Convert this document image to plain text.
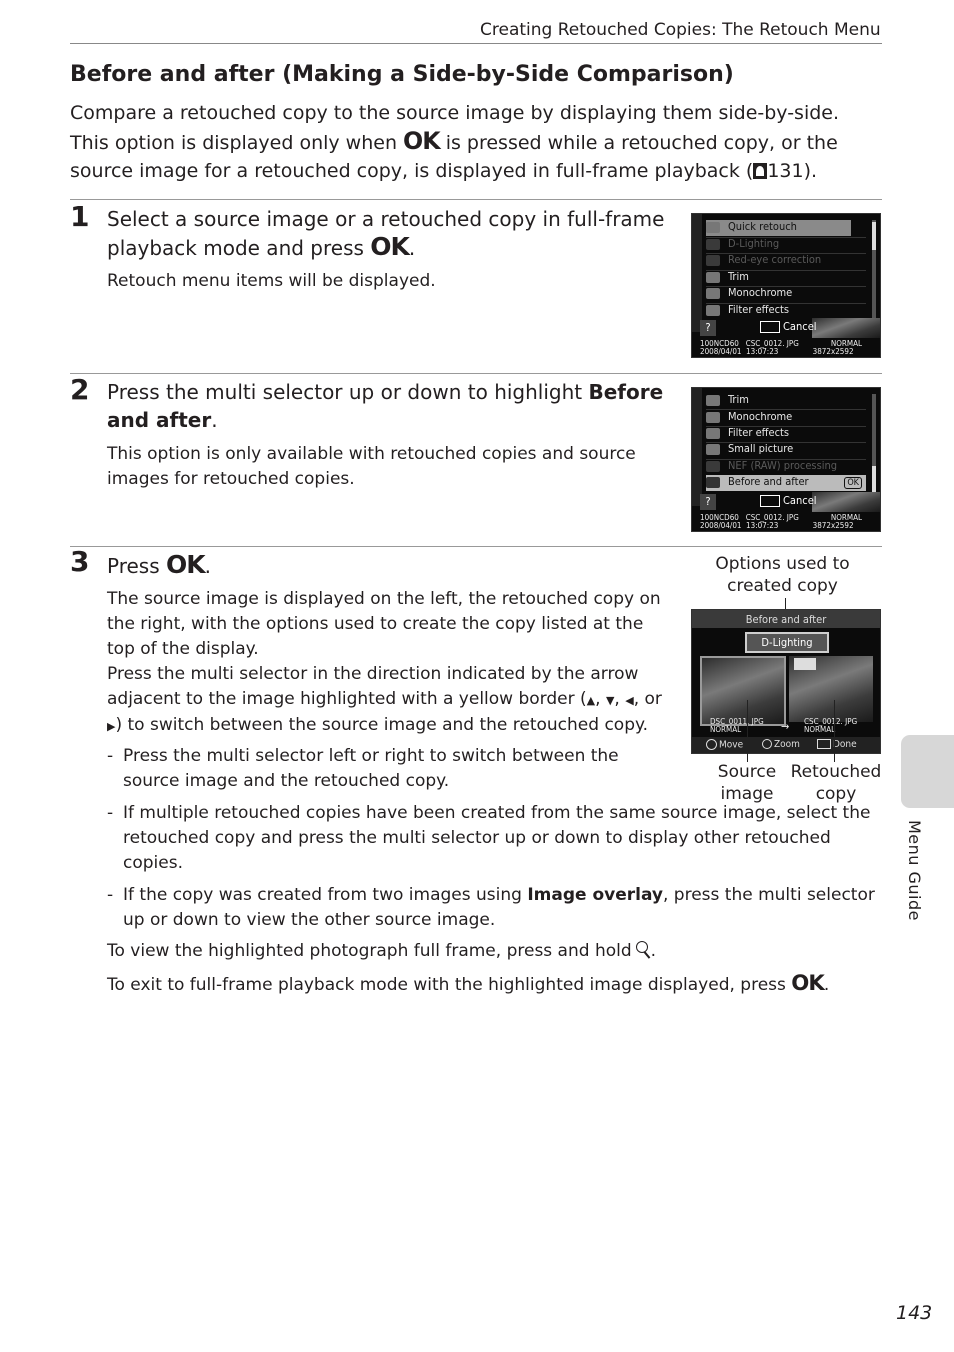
Creating Retouched Copies: The Retouch Menu
Before and after (Making a Side-by-Side Comparison)
Compare a retouched copy to the source image by displaying them side-by-side. This option is displayed only when OK is pressed while a retouched copy, or the source image for a retouched copy, is displayed in full-frame playback ( 131).
1 Select a source image or a retouched copy in full-frame playback mode and press OK.
Retouch menu items will be displayed.
Quick retouch
D-Lighting
Red-eye correction
Trim
Monochrome
Filter effects
?	Cancel
100NCD60   CSC_0012. JPG              NORMAL
2008/04/01  13:07:23               3872x2592
2 Press the multi selector up or down to highlight Before and after.
This option is only available with retouched copies and source images for retouched copies.
Trim
Monochrome
Filter effects
Small picture
NEF (RAW) processing
Before and after	OK
?	Cancel
100NCD60   CSC_0012. JPG              NORMAL
2008/04/01  13:07:23               3872x2592
3 Press OK.
The source image is displayed on the left, the retouched copy on the right, with the options used to create the copy listed at the top of the display.
Press the multi selector in the direction indicated by the arrow adjacent to the image highlighted with a yellow border (▲, ▼, ◀, or ▶) to switch between the source image and the retouched copy.
- Press the multi selector left or right to switch between the source image and the retouched copy.
- If multiple retouched copies have been created from the same source image, select the retouched copy and press the multi selector up or down to display other retouched copies.
- If the copy was created from two images using Image overlay, press the multi selector up or down to view the other source image.
To view the highlighted photograph full frame, press and hold .
To exit to full-frame playback mode with the highlighted image displayed, press OK.
Options used to created copy
Before and after
D-Lighting
DSC_0011. JPG
NORMAL	→ CSC_0012. JPG
NORMAL
Move	Zoom	Done
Source image
Retouched copy
Menu Guide
143
